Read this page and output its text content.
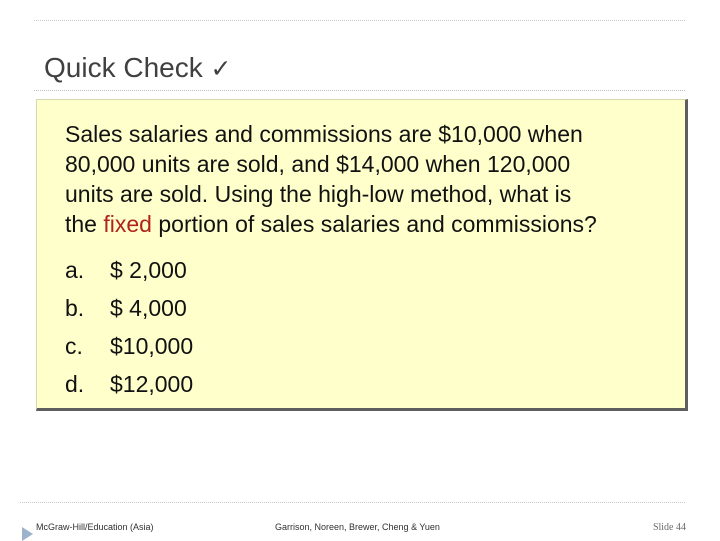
Quick Check ✓
Sales salaries and commissions are $10,000 when
80,000 units are sold, and $14,000 when 120,000
units are sold. Using the high-low method, what is
the fixed portion of sales salaries and commissions?
a. $ 2,000
b. $ 4,000
c. $10,000
d. $12,000
McGraw-Hill/Education (Asia)	Garrison, Noreen, Brewer, Cheng & Yuen	Slide 44
